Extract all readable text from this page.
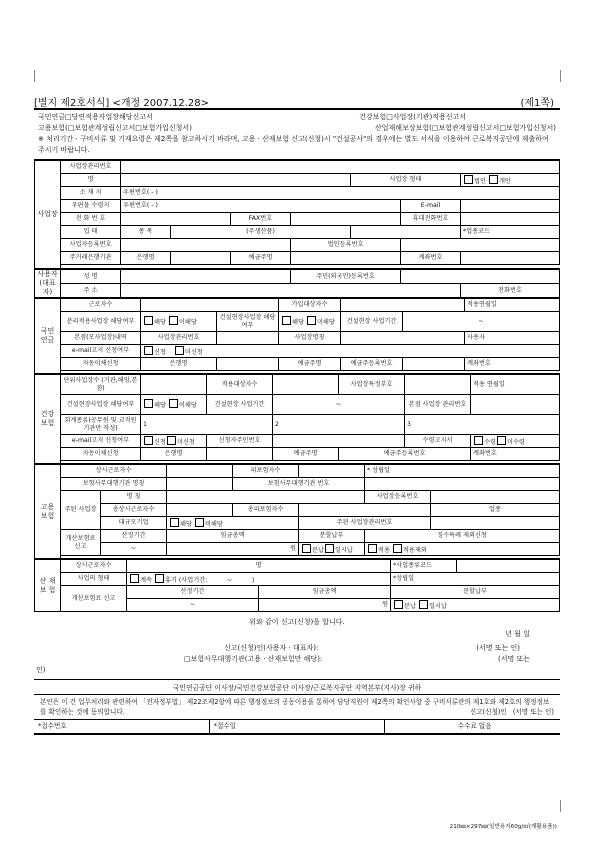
[별지 제2호서식] <개정 2007.12.28>	(제1쪽)
국민연금□당연적용사업장해당신고서	건강보험□사업장(기관)적용신고서
고용보험(□보험관계성립신고서□보험가입신청서)	산업재해보상보험(□보험관계성립신고서□보험가입신청서)
※ 처리기간 · 구비서류 및 기재요령은 제2쪽을 참고하시기 바라며, 고용 · 산재보험 신고(신청)시 "건설공사"의 경우에는 별도 서식을 이용하여 근로복지공단에 제출하여 주시기 바랍니다.
사업장	사업장관리번호							
	명					사업장 형태		법인 개인
	소 재 지	우편번호( - )						
	우편물 수령지	우편번호( - )					E-mail	
	전 화 번 호			FAX번호			휴대전화번호	
	업 태	종 목	(주생산품)					*업종코드
	사업자등록번호				법인등록번호			
	주거래은행기관	은행명		예금주명			계좌번호	

사용자 (대표자)	성 명		주민(외국인)등록번호		
	주 소				전화번호
국민 연금	근로자수			가입대상자수			적용연월일
	분리적용사업장 해당여부	해당 이해당	건설현장사업장 해당여부	해당 미해당	건설현장 사업기간	~	
	본점(모사업장)내역	사업장관리번호		사업장명칭			사용자
	e-mail고지 신청여부	신청 미신청					
	자동이체신청	은행명		예금주명	예금주등록번호		계좌번호

건강 보험	단위사업장수 (기관,해임,본점)		적용대상자수		사업장특정부호		적용 연월일
	건설현장사업장 해당여부	해당 이해당	건설현장 사업기간	~		본점 사업장 관리번호	
	회계종류(공무원 및 교직원기관만 작성)	1		2		3	
	e-mail고지 신청여부	신청 미신청	신청자주민번호			수령고지서	수령 미수령
	자동이체신청	은행명		예금주명	예금주등록번호		계좌번호

고용 보험	상시근로자수			피보험자수		* 성립일	
	보험사무대행기관 명칭			보험사무대행기관 번호			
	주된 사업장	명 칭				사업장등록번호	
		총상시근로자수		총피보험자수			업종
		대규모기업	해당 비해당		주된 사업장관리번호		
	개산보험료 신고	산정기간	임금총액		분할납부	징수특례 제외신청	
		~	원		분납 일시납	적용 적용제외	

산 재 보 험	상시근로자수	명		*사업종류코드	
	사업의 형태	계속 휴기 (사업기간: ~ )		*성립일	
	개산보험료 신고	산정기간	임금총액	분할납부	
		~	원	분납 일시납	
위와 같이 신고(신청)을 합니다.
년 월 일
신고(신청)인(사용자 · 대표자):	(서명 또는 인)
□보험사무대행기관(고용 · 산재보험만 해당):	(서명 또는
인)
국민연금공단 이사장/국민건강보험공단 이사장/근로복지공단 지역본부(지사)장 귀하
본인은 이 건 업무처리와 관련하여 「전자정부법」 제22조제2항에 따른 행정정보의 공동이용을 통하여 담당직원이 제2쪽의 확인사항 중 구비서류란의 제1호와 제2호의 행정정보를 확인하는 것에 동의합니다.	(서명 또는 인)
신고(신청)인
*접수번호	*접수일	수수료 없음
210㎜×297㎜(일반용지60g/㎡(재활용품))
